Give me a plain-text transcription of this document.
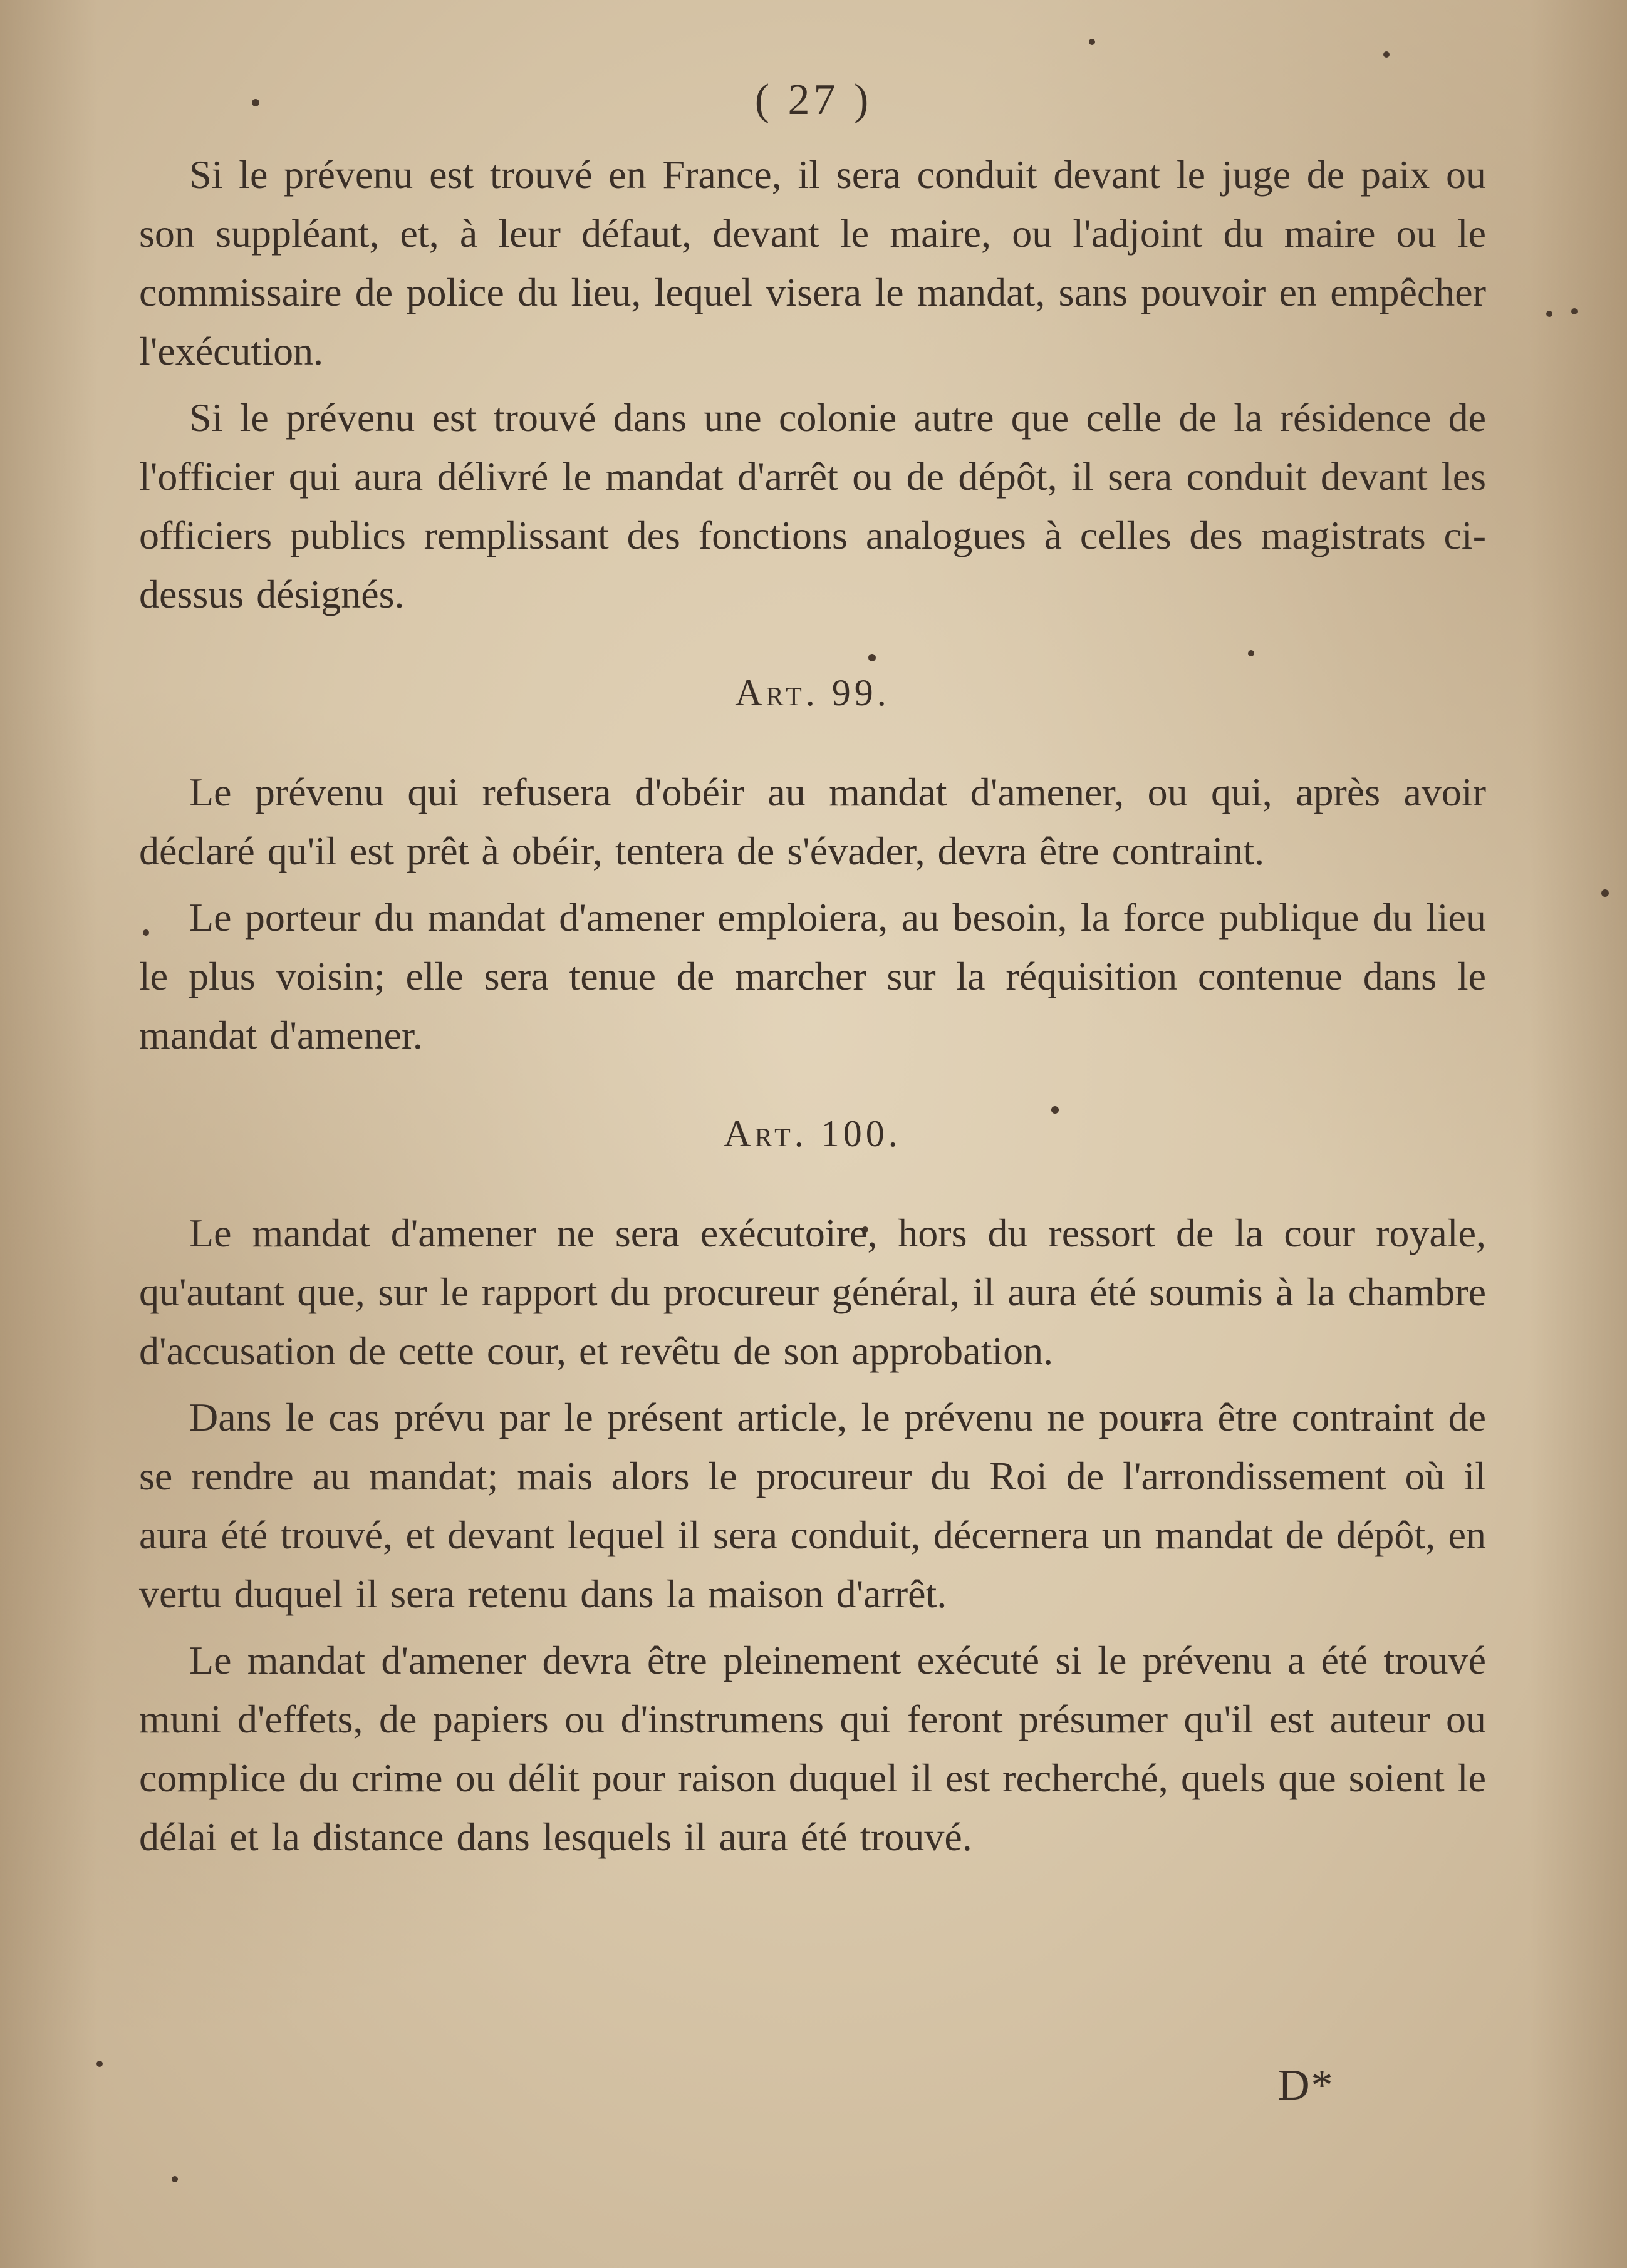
( 27 )

Si le prévenu est trouvé en France, il sera conduit devant le juge de paix ou son suppléant, et, à leur défaut, devant le maire, ou l'adjoint du maire ou le commissaire de police du lieu, lequel visera le mandat, sans pouvoir en empêcher l'exécution.

Si le prévenu est trouvé dans une colonie autre que celle de la résidence de l'officier qui aura délivré le mandat d'arrêt ou de dépôt, il sera conduit devant les officiers publics remplissant des fonctions analogues à celles des magistrats ci-dessus désignés.

Art. 99.

Le prévenu qui refusera d'obéir au mandat d'amener, ou qui, après avoir déclaré qu'il est prêt à obéir, tentera de s'évader, devra être contraint.

Le porteur du mandat d'amener emploiera, au besoin, la force publique du lieu le plus voisin; elle sera tenue de marcher sur la réquisition contenue dans le mandat d'amener.

Art. 100.

Le mandat d'amener ne sera exécutoire, hors du ressort de la cour royale, qu'autant que, sur le rapport du procureur général, il aura été soumis à la chambre d'accusation de cette cour, et revêtu de son approbation.

Dans le cas prévu par le présent article, le prévenu ne pourra être contraint de se rendre au mandat; mais alors le procureur du Roi de l'arrondissement où il aura été trouvé, et devant lequel il sera conduit, décernera un mandat de dépôt, en vertu duquel il sera retenu dans la maison d'arrêt.

Le mandat d'amener devra être pleinement exécuté si le prévenu a été trouvé muni d'effets, de papiers ou d'instrumens qui feront présumer qu'il est auteur ou complice du crime ou délit pour raison duquel il est recherché, quels que soient le délai et la distance dans lesquels il aura été trouvé.

D*
